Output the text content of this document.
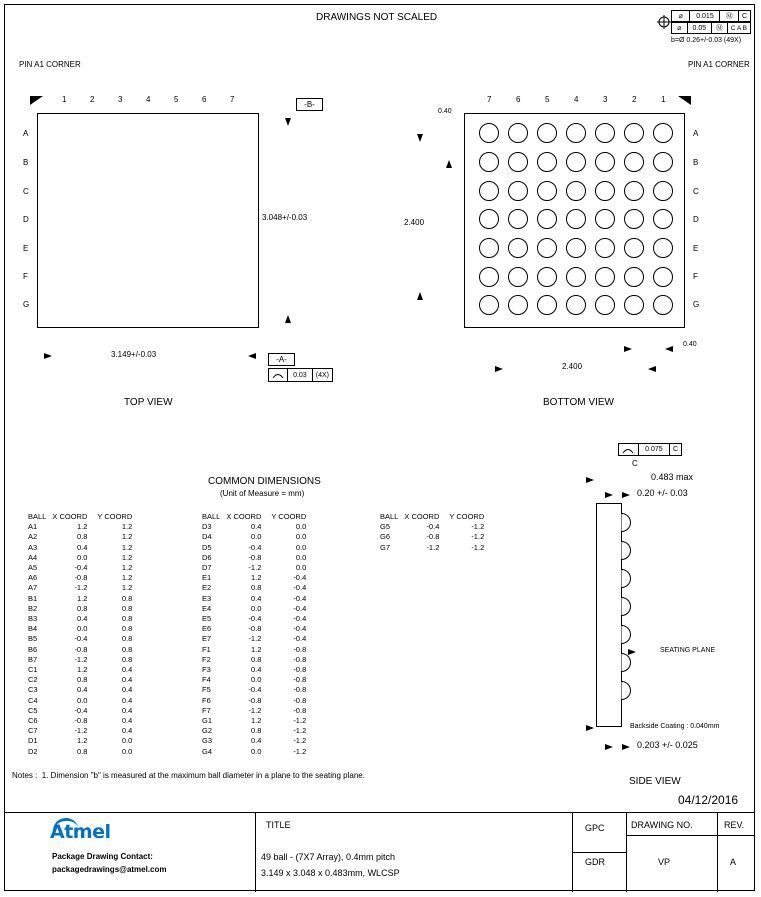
DRAWINGS NOT SCALED	⌀	0.015	Ⓜ	C
⌀	0.05	Ⓜ	C A B
b=Ø 0.26+/-0.03 (49X)
PIN A1 CORNER	PIN A1 CORNER
1	2	3	4	5	6	7
A
B
C
D
E
F
G
3.048+/-0.03
3.149+/-0.03
-B-
-A-
0.03	(4X)
TOP VIEW
7	6	5	4	3	2	1
A
B
C
D
E
F
G
0.40
2.400
2.400
0.40
BOTTOM VIEW
0.075	C
C
0.483 max
0.20 +/- 0.03
SEATING PLANE
Backside Coating : 0.040mm
0.203 +/- 0.025
SIDE VIEW
04/12/2016
COMMON DIMENSIONS
(Unit of Measure = mm)
BALL	X COORD	Y COORD
A1	1.2	1.2
A2	0.8	1.2
A3	0.4	1.2
A4	0.0	1.2
A5	-0.4	1.2
A6	-0.8	1.2
A7	-1.2	1.2
B1	1.2	0.8
B2	0.8	0.8
B3	0.4	0.8
B4	0.0	0.8
B5	-0.4	0.8
B6	-0.8	0.8
B7	-1.2	0.8
C1	1.2	0.4
C2	0.8	0.4
C3	0.4	0.4
C4	0.0	0.4
C5	-0.4	0.4
C6	-0.8	0.4
C7	-1.2	0.4
D1	1.2	0.0
D2	0.8	0.0
BALL	X COORD	Y COORD
D3	0.4	0.0
D4	0.0	0.0
D5	-0.4	0.0
D6	-0.8	0.0
D7	-1.2	0.0
E1	1.2	-0.4
E2	0.8	-0.4
E3	0.4	-0.4
E4	0.0	-0.4
E5	-0.4	-0.4
E6	-0.8	-0.4
E7	-1.2	-0.4
F1	1.2	-0.8
F2	0.8	-0.8
F3	0.4	-0.8
F4	0.0	-0.8
F5	-0.4	-0.8
F6	-0.8	-0.8
F7	-1.2	-0.8
G1	1.2	-1.2
G2	0.8	-1.2
G3	0.4	-1.2
G4	0.0	-1.2
BALL	X COORD	Y COORD
G5	-0.4	-1.2
G6	-0.8	-1.2
G7	-1.2	-1.2
Notes :  1. Dimension "b" is measured at the maximum ball diameter in a plane to the seating plane.
Atmel
Package Drawing Contact:
packagedrawings@atmel.com
TITLE
49 ball - (7X7 Array), 0.4mm pitch
3.149 x 3.048 x 0.483mm, WLCSP
GPC
GDR
DRAWING NO.
VP
REV.
A
